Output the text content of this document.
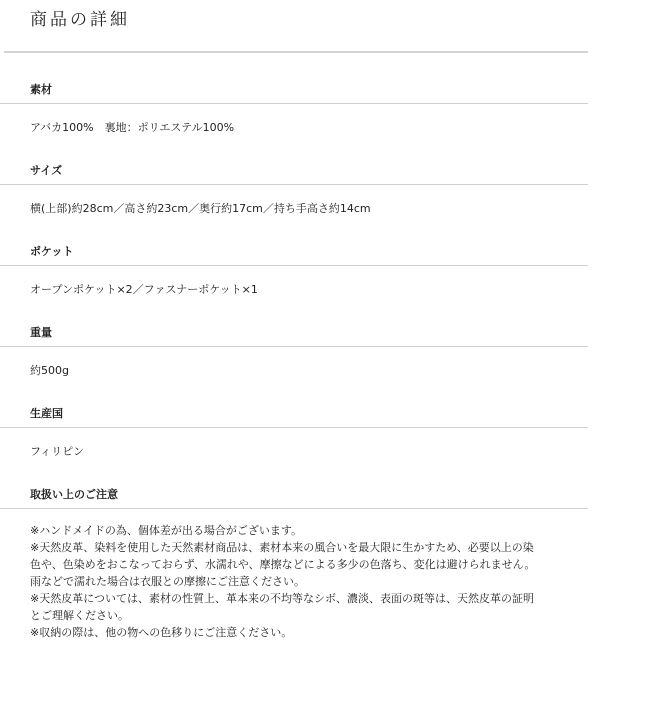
商品の詳細
素材
アバカ100%　裏地：ポリエステル100%
サイズ
横(上部)約28cm／高さ約23cm／奥行約17cm／持ち手高さ約14cm
ポケット
オープンポケット×2／ファスナーポケット×1
重量
約500g
生産国
フィリピン
取扱い上のご注意
※ハンドメイドの為、個体差が出る場合がございます。
※天然皮革、染料を使用した天然素材商品は、素材本来の風合いを最大限に生かすため、必要以上の染
色や、色染めをおこなっておらず、水濡れや、摩擦などによる多少の色落ち、変化は避けられません。
雨などで濡れた場合は衣服との摩擦にご注意ください。
※天然皮革については、素材の性質上、革本来の不均等なシボ、濃淡、表面の斑等は、天然皮革の証明
とご理解ください。
※収納の際は、他の物への色移りにご注意ください。
